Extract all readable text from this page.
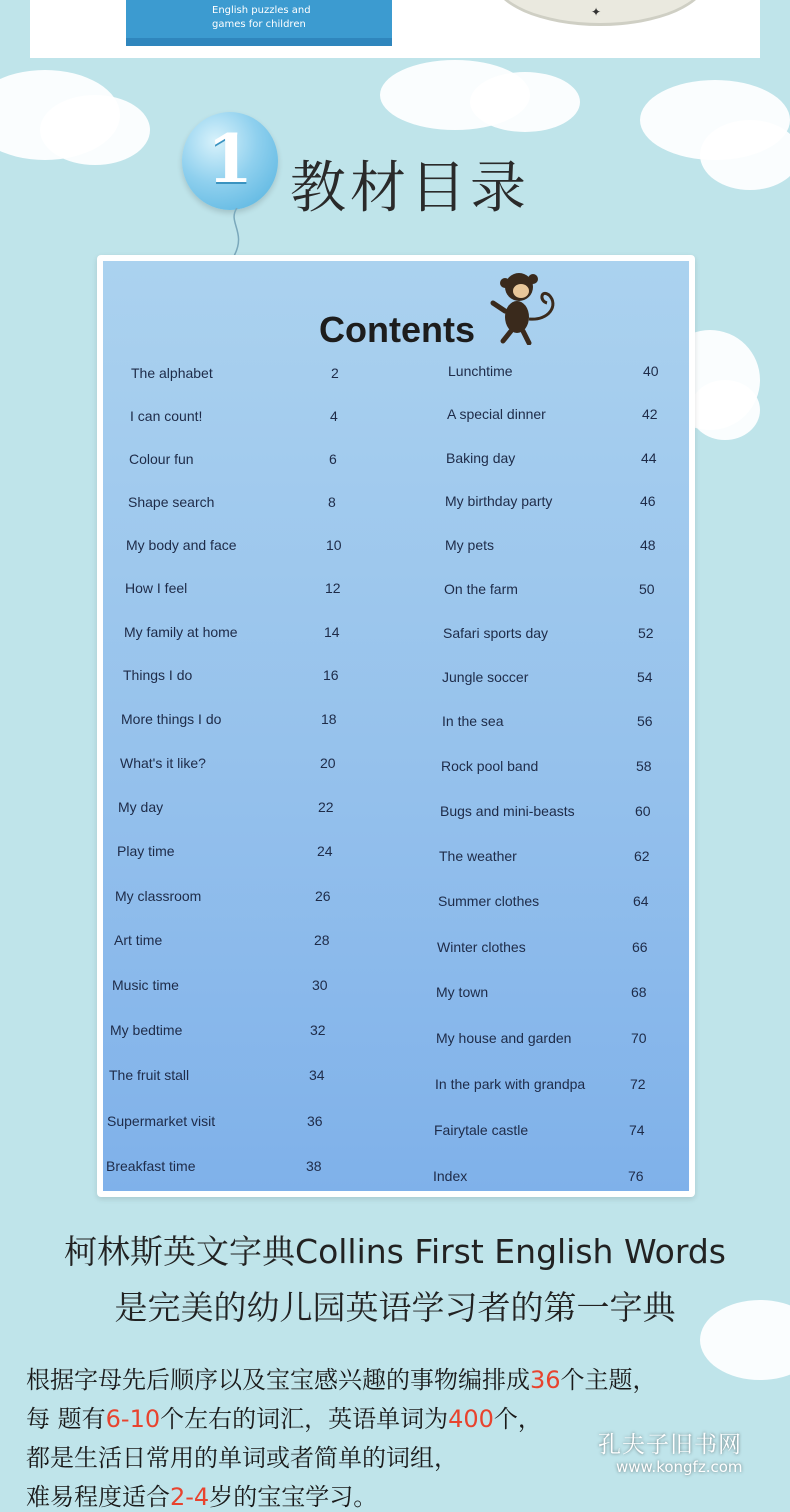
English puzzles and
games for children
✦
1 教材目录
Contents
The alphabet	2
I can count!	4
Colour fun	6
Shape search	8
My body and face	10
How I feel	12
My family at home	14
Things I do	16
More things I do	18
What's it like?	20
My day	22
Play time	24
My classroom	26
Art time	28
Music time	30
My bedtime	32
The fruit stall	34
Supermarket visit	36
Breakfast time	38
Lunchtime	40
A special dinner	42
Baking day	44
My birthday party	46
My pets	48
On the farm	50
Safari sports day	52
Jungle soccer	54
In the sea	56
Rock pool band	58
Bugs and mini-beasts	60
The weather	62
Summer clothes	64
Winter clothes	66
My town	68
My house and garden	70
In the park with grandpa	72
Fairytale castle	74
Index	76
柯林斯英文字典Collins First English Words
是完美的幼儿园英语学习者的第一字典
根据字母先后顺序以及宝宝感兴趣的事物编排成36个主题，
每 题有6-10个左右的词汇，英语单词为400个，
都是生活日常用的单词或者简单的词组，
难易程度适合2-4岁的宝宝学习。
孔夫子旧书网
www.kongfz.com
